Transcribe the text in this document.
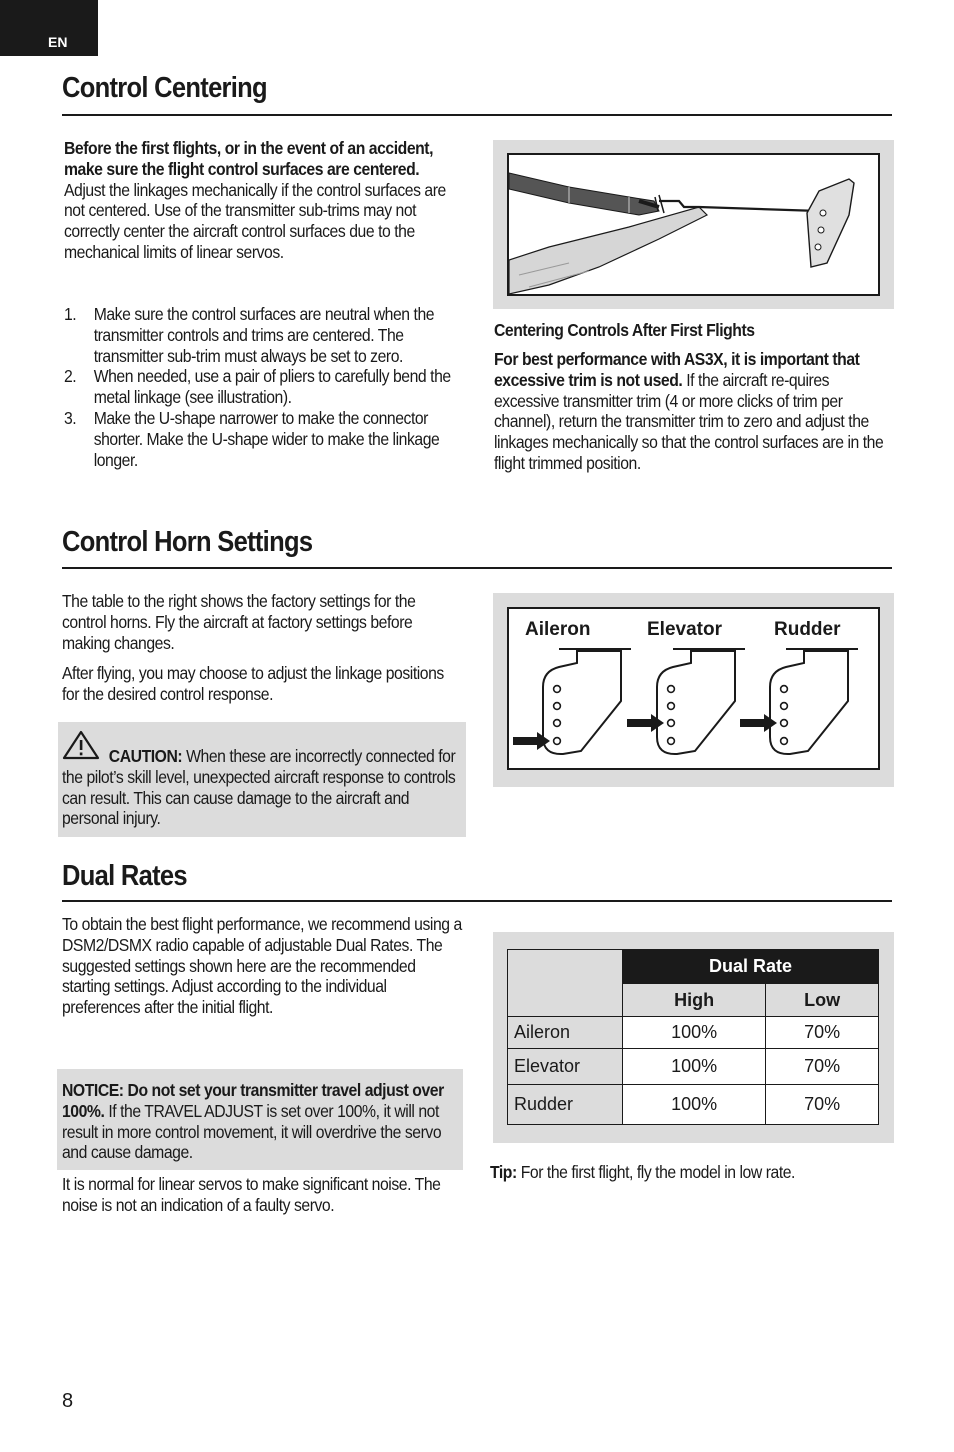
EN
Control Centering
Before the first flights, or in the event of an accident, make sure the flight control surfaces are centered. Adjust the linkages mechanically if the control surfaces are not centered. Use of the transmitter sub-trims may not correctly center the aircraft control surfaces due to the mechanical limits of linear servos.
1. Make sure the control surfaces are neutral when the transmitter controls and trims are centered. The transmitter sub-trim must always be set to zero.
2. When needed, use a pair of pliers to carefully bend the metal linkage (see illustration).
3. Make the U-shape narrower to make the connector shorter. Make the U-shape wider to make the linkage longer.
Centering Controls After First Flights
For best performance with AS3X, it is important that excessive trim is not used. If the aircraft re-quires excessive transmitter trim (4 or more clicks of trim per channel), return the transmitter trim to zero and adjust the linkages mechanically so that the control surfaces are in the flight trimmed position.
Control Horn Settings
The table to the right shows the factory settings for the control horns. Fly the aircraft at factory settings before making changes.
After flying, you may choose to adjust the linkage positions for the desired control response.
CAUTION: When these are incorrectly connected for the pilot’s skill level, unexpected aircraft response to controls can result. This can cause damage to the aircraft and personal injury.
Aileron	Elevator	Rudder
Dual Rates
To obtain the best flight performance, we recommend using a DSM2/DSMX radio capable of adjustable Dual Rates. The suggested settings shown here are the recommended starting settings. Adjust according to the individual preferences after the initial flight.
NOTICE: Do not set your transmitter travel adjust over 100%. If the TRAVEL ADJUST is set over 100%, it will not result in more control movement, it will overdrive the servo and cause damage.
It is normal for linear servos to make significant noise. The noise is not an indication of a faulty servo.
	Dual Rate	
	High	Low
Aileron	100%	70%
Elevator	100%	70%
Rudder	100%	70%
Tip: For the first flight, fly the model in low rate.
8
